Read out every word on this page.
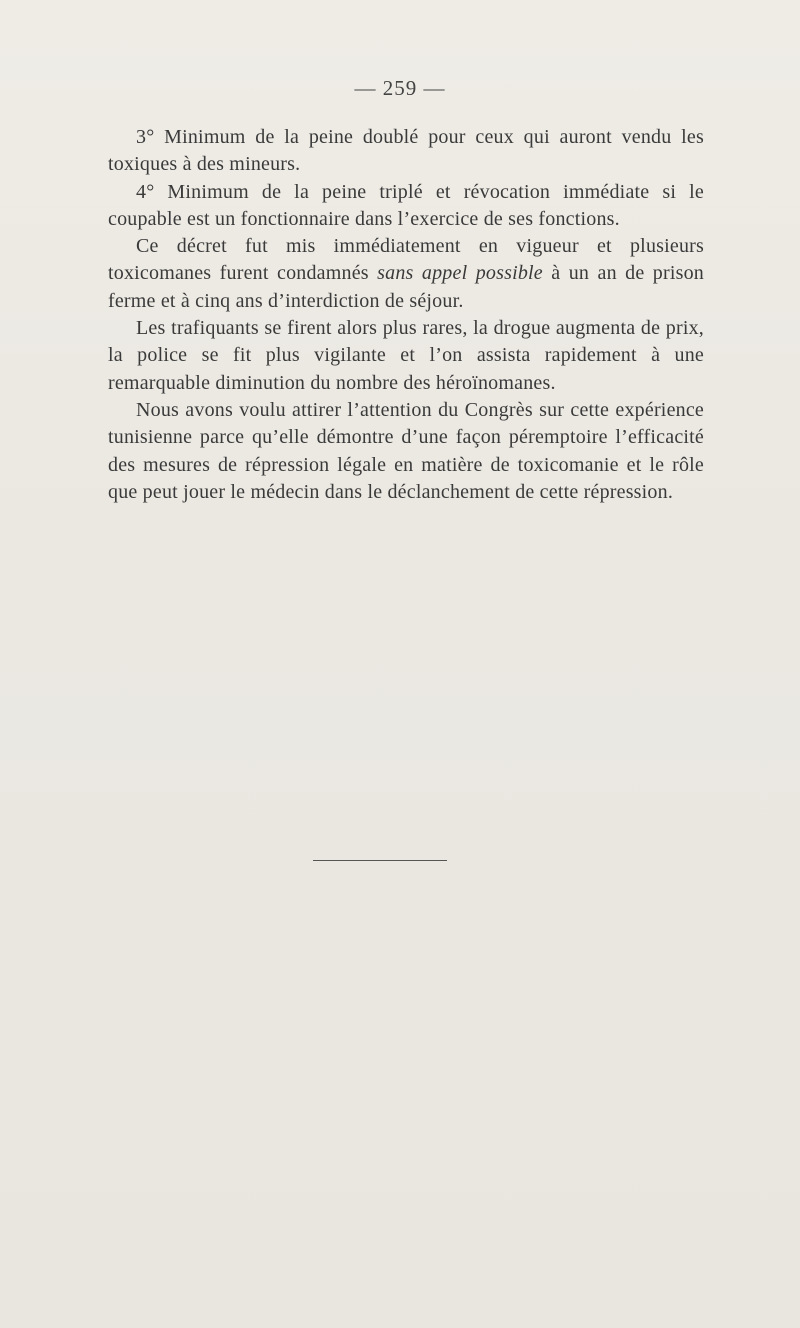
— 259 —

3° Minimum de la peine doublé pour ceux qui auront vendu les toxiques à des mineurs.

4° Minimum de la peine triplé et révocation immédiate si le coupable est un fonctionnaire dans l’exercice de ses fonctions.

Ce décret fut mis immédiatement en vigueur et plusieurs toxicomanes furent condamnés sans appel possible à un an de prison ferme et à cinq ans d’interdiction de séjour.

Les trafiquants se firent alors plus rares, la drogue augmenta de prix, la police se fit plus vigilante et l’on assista rapidement à une remarquable diminution du nombre des héroïnomanes.

Nous avons voulu attirer l’attention du Congrès sur cette expérience tunisienne parce qu’elle démontre d’une façon péremptoire l’efficacité des mesures de répression légale en matière de toxicomanie et le rôle que peut jouer le médecin dans le déclanchement de cette répression.
